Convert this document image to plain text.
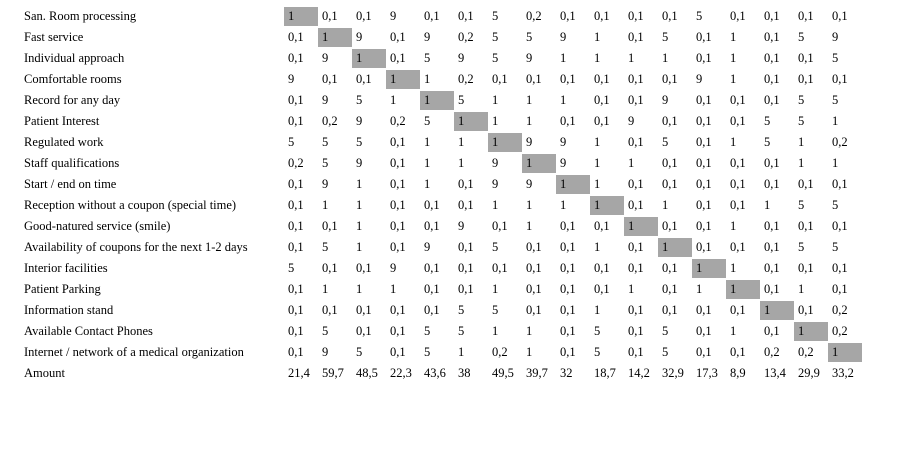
San. Room processing	1	0,1	0,1	9	0,1	0,1	5	0,2	0,1	0,1	0,1	0,1	5	0,1	0,1	0,1	0,1
Fast service	0,1	1	9	0,1	9	0,2	5	5	9	1	0,1	5	0,1	1	0,1	5	9
Individual approach	0,1	9	1	0,1	5	9	5	9	1	1	1	1	0,1	1	0,1	0,1	5
Comfortable rooms	9	0,1	0,1	1	1	0,2	0,1	0,1	0,1	0,1	0,1	0,1	9	1	0,1	0,1	0,1
Record for any day	0,1	9	5	1	1	5	1	1	1	0,1	0,1	9	0,1	0,1	0,1	5	5
Patient Interest	0,1	0,2	9	0,2	5	1	1	1	0,1	0,1	9	0,1	0,1	0,1	5	5	1
Regulated work	5	5	5	0,1	1	1	1	9	9	1	0,1	5	0,1	1	5	1	0,2
Staff qualifications	0,2	5	9	0,1	1	1	9	1	9	1	1	0,1	0,1	0,1	0,1	1	1
Start / end on time	0,1	9	1	0,1	1	0,1	9	9	1	1	0,1	0,1	0,1	0,1	0,1	0,1	0,1
Reception without a coupon (special time)	0,1	1	1	0,1	0,1	0,1	1	1	1	1	0,1	1	0,1	0,1	1	5	5
Good-natured service (smile)	0,1	0,1	1	0,1	0,1	9	0,1	1	0,1	0,1	1	0,1	0,1	1	0,1	0,1	0,1
Availability of coupons for the next 1-2 days	0,1	5	1	0,1	9	0,1	5	0,1	0,1	1	0,1	1	0,1	0,1	0,1	5	5
Interior facilities	5	0,1	0,1	9	0,1	0,1	0,1	0,1	0,1	0,1	0,1	0,1	1	1	0,1	0,1	0,1
Patient Parking	0,1	1	1	1	0,1	0,1	1	0,1	0,1	0,1	1	0,1	1	1	0,1	1	0,1
Information stand	0,1	0,1	0,1	0,1	0,1	5	5	0,1	0,1	1	0,1	0,1	0,1	0,1	1	0,1	0,2
Available Contact Phones	0,1	5	0,1	0,1	5	5	1	1	0,1	5	0,1	5	0,1	1	0,1	1	0,2
Internet / network of a medical organization	0,1	9	5	0,1	5	1	0,2	1	0,1	5	0,1	5	0,1	0,1	0,2	0,2	1

Amount	21,4	59,7	48,5	22,3	43,6	38	49,5	39,7	32	18,7	14,2	32,9	17,3	8,9	13,4	29,9	33,2
